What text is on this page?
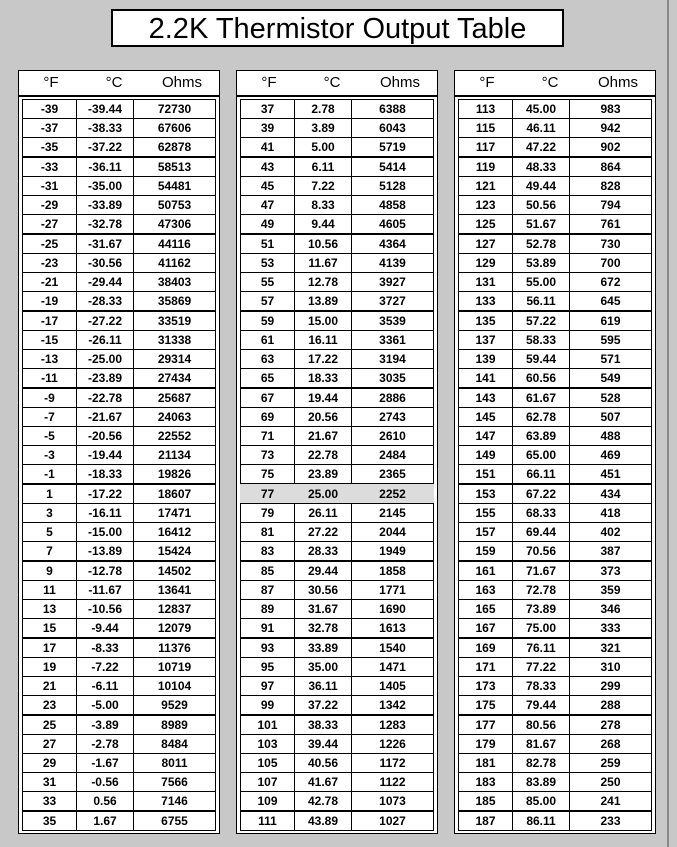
2.2K Thermistor Output Table
°F	°C	Ohms
-39	-39.44	72730
-37	-38.33	67606
-35	-37.22	62878
-33	-36.11	58513
-31	-35.00	54481
-29	-33.89	50753
-27	-32.78	47306
-25	-31.67	44116
-23	-30.56	41162
-21	-29.44	38403
-19	-28.33	35869
-17	-27.22	33519
-15	-26.11	31338
-13	-25.00	29314
-11	-23.89	27434
-9	-22.78	25687
-7	-21.67	24063
-5	-20.56	22552
-3	-19.44	21134
-1	-18.33	19826
1	-17.22	18607
3	-16.11	17471
5	-15.00	16412
7	-13.89	15424
9	-12.78	14502
11	-11.67	13641
13	-10.56	12837
15	-9.44	12079
17	-8.33	11376
19	-7.22	10719
21	-6.11	10104
23	-5.00	9529
25	-3.89	8989
27	-2.78	8484
29	-1.67	8011
31	-0.56	7566
33	0.56	7146
35	1.67	6755
°F	°C	Ohms
37	2.78	6388
39	3.89	6043
41	5.00	5719
43	6.11	5414
45	7.22	5128
47	8.33	4858
49	9.44	4605
51	10.56	4364
53	11.67	4139
55	12.78	3927
57	13.89	3727
59	15.00	3539
61	16.11	3361
63	17.22	3194
65	18.33	3035
67	19.44	2886
69	20.56	2743
71	21.67	2610
73	22.78	2484
75	23.89	2365
77	25.00	2252
79	26.11	2145
81	27.22	2044
83	28.33	1949
85	29.44	1858
87	30.56	1771
89	31.67	1690
91	32.78	1613
93	33.89	1540
95	35.00	1471
97	36.11	1405
99	37.22	1342
101	38.33	1283
103	39.44	1226
105	40.56	1172
107	41.67	1122
109	42.78	1073
111	43.89	1027
°F	°C	Ohms
113	45.00	983
115	46.11	942
117	47.22	902
119	48.33	864
121	49.44	828
123	50.56	794
125	51.67	761
127	52.78	730
129	53.89	700
131	55.00	672
133	56.11	645
135	57.22	619
137	58.33	595
139	59.44	571
141	60.56	549
143	61.67	528
145	62.78	507
147	63.89	488
149	65.00	469
151	66.11	451
153	67.22	434
155	68.33	418
157	69.44	402
159	70.56	387
161	71.67	373
163	72.78	359
165	73.89	346
167	75.00	333
169	76.11	321
171	77.22	310
173	78.33	299
175	79.44	288
177	80.56	278
179	81.67	268
181	82.78	259
183	83.89	250
185	85.00	241
187	86.11	233
